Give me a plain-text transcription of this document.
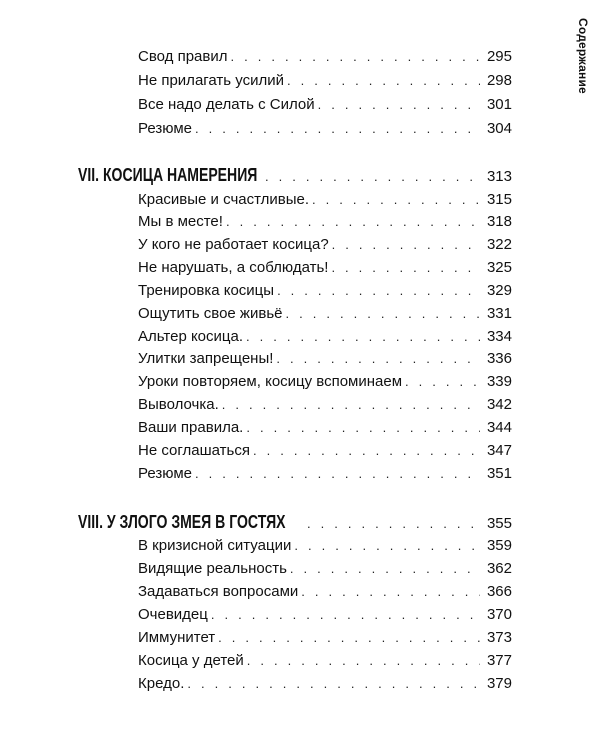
Содержание
Свод правил . . .	295
Не прилагать усилий . . .	298
Все надо делать с Силой . . .	301
Резюме . . .	304
VII. КОСИЦА НАМЕРЕНИЯ . . .	313
Красивые и счастливые. . . .	315
Мы в месте! . . .	318
У кого не работает косица? . . .	322
Не нарушать, а соблюдать! . . .	325
Тренировка косицы . . .	329
Ощутить свое живьё . . .	331
Альтер косица. . . .	334
Улитки запрещены! . . .	336
Уроки повторяем, косицу вспоминаем . . .	339
Выволочка. . . .	342
Ваши правила. . . .	344
Не соглашаться . . .	347
Резюме . . .	351
VIII. У ЗЛОГО ЗМЕЯ В ГОСТЯХ . . .	355
В кризисной ситуации . . .	359
Видящие реальность . . .	362
Задаваться вопросами . . .	366
Очевидец . . .	370
Иммунитет . . .	373
Косица у детей . . .	377
Кредо. . . .	379
